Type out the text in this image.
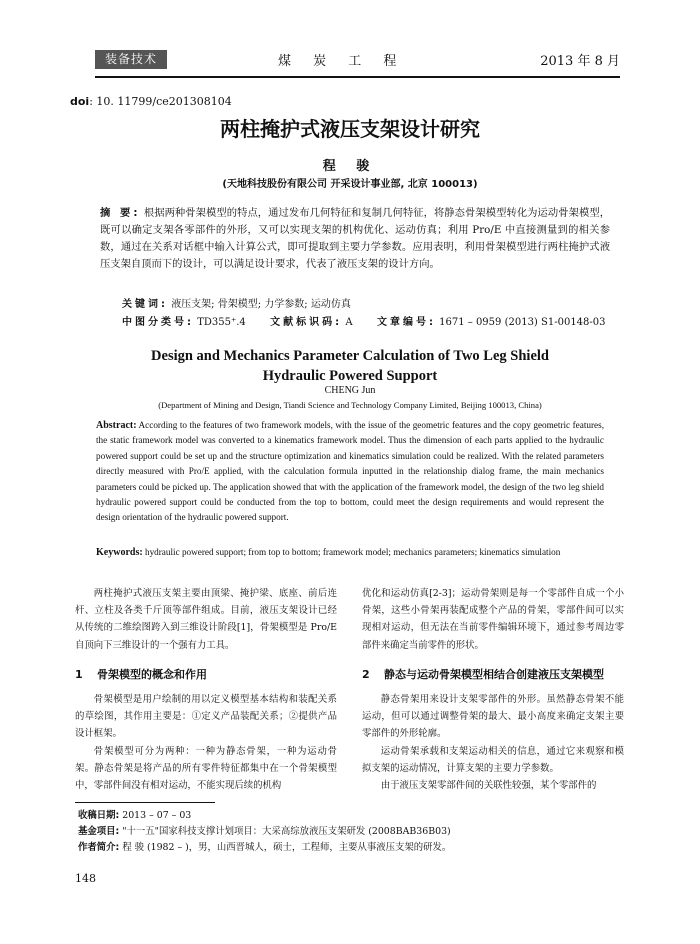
装备技术	煤 炭 工 程	2013 年 8 月
doi: 10. 11799/ce201308104
两柱掩护式液压支架设计研究
程 骏
(天地科技股份有限公司 开采设计事业部, 北京 100013)
摘 要: 根据两种骨架模型的特点，通过发布几何特征和复制几何特征，将静态骨架模型转化为运动骨架模型，既可以确定支架各零部件的外形，又可以实现支架的机构优化、运动仿真；利用 Pro/E 中直接测量到的相关参数，通过在关系对话框中输入计算公式，即可提取到主要力学参数。应用表明，利用骨架模型进行两柱掩护式液压支架自顶而下的设计，可以满足设计要求，代表了液压支架的设计方向。
关键词: 液压支架; 骨架模型; 力学参数; 运动仿真
中图分类号: TD355⁺.4 文献标识码: A 文章编号: 1671 – 0959 (2013) S1-00148-03
Design and Mechanics Parameter Calculation of Two Leg Shield
Hydraulic Powered Support
CHENG Jun
(Department of Mining and Design, Tiandi Science and Technology Company Limited, Beijing 100013, China)
Abstract: According to the features of two framework models, with the issue of the geometric features and the copy geometric features, the static framework model was converted to a kinematics framework model. Thus the dimension of each parts applied to the hydraulic powered support could be set up and the structure optimization and kinematics simulation could be realized. With the related parameters directly measured with Pro/E applied, with the calculation formula inputted in the relationship dialog frame, the main mechanics parameters could be picked up. The application showed that with the application of the framework model, the design of the two leg shield hydraulic powered support could be conducted from the top to bottom, could meet the design requirements and would represent the design orientation of the hydraulic powered support.
Keywords: hydraulic powered support; from top to bottom; framework model; mechanics parameters; kinematics simulation

两柱掩护式液压支架主要由顶梁、掩护梁、底座、前后连杆、立柱及各类千斤顶等部件组成。目前，液压支架设计已经从传统的二维绘图跨入到三维设计阶段[1]，骨架模型是 Pro/E 自顶向下三维设计的一个强有力工具。

1 骨架模型的概念和作用

骨架模型是用户绘制的用以定义模型基本结构和装配关系的草绘图，其作用主要是：①定义产品装配关系；②提供产品设计框架。

骨架模型可分为两种：一种为静态骨架，一种为运动骨架。静态骨架是将产品的所有零件特征都集中在一个骨架模型中，零部件间没有相对运动，不能实现后续的机构

优化和运动仿真[2-3]；运动骨架则是每一个零部件自成一个小骨架，这些小骨架再装配成整个产品的骨架，零部件间可以实现相对运动，但无法在当前零件编辑环境下，通过参考周边零部件来确定当前零件的形状。

2 静态与运动骨架模型相结合创建液压支架模型

静态骨架用来设计支架零部件的外形。虽然静态骨架不能运动，但可以通过调整骨架的最大、最小高度来确定支架主要零部件的外形轮廓。

运动骨架承载和支架运动相关的信息，通过它来观察和模拟支架的运动情况，计算支架的主要力学参数。

由于液压支架零部件间的关联性较强，某个零部件的

收稿日期: 2013 – 07 – 03
基金项目: "十一五"国家科技支撑计划项目：大采高综放液压支架研发 (2008BAB36B03)
作者简介: 程 骏 (1982 – )，男，山西晋城人，硕士，工程师，主要从事液压支架的研发。
148
